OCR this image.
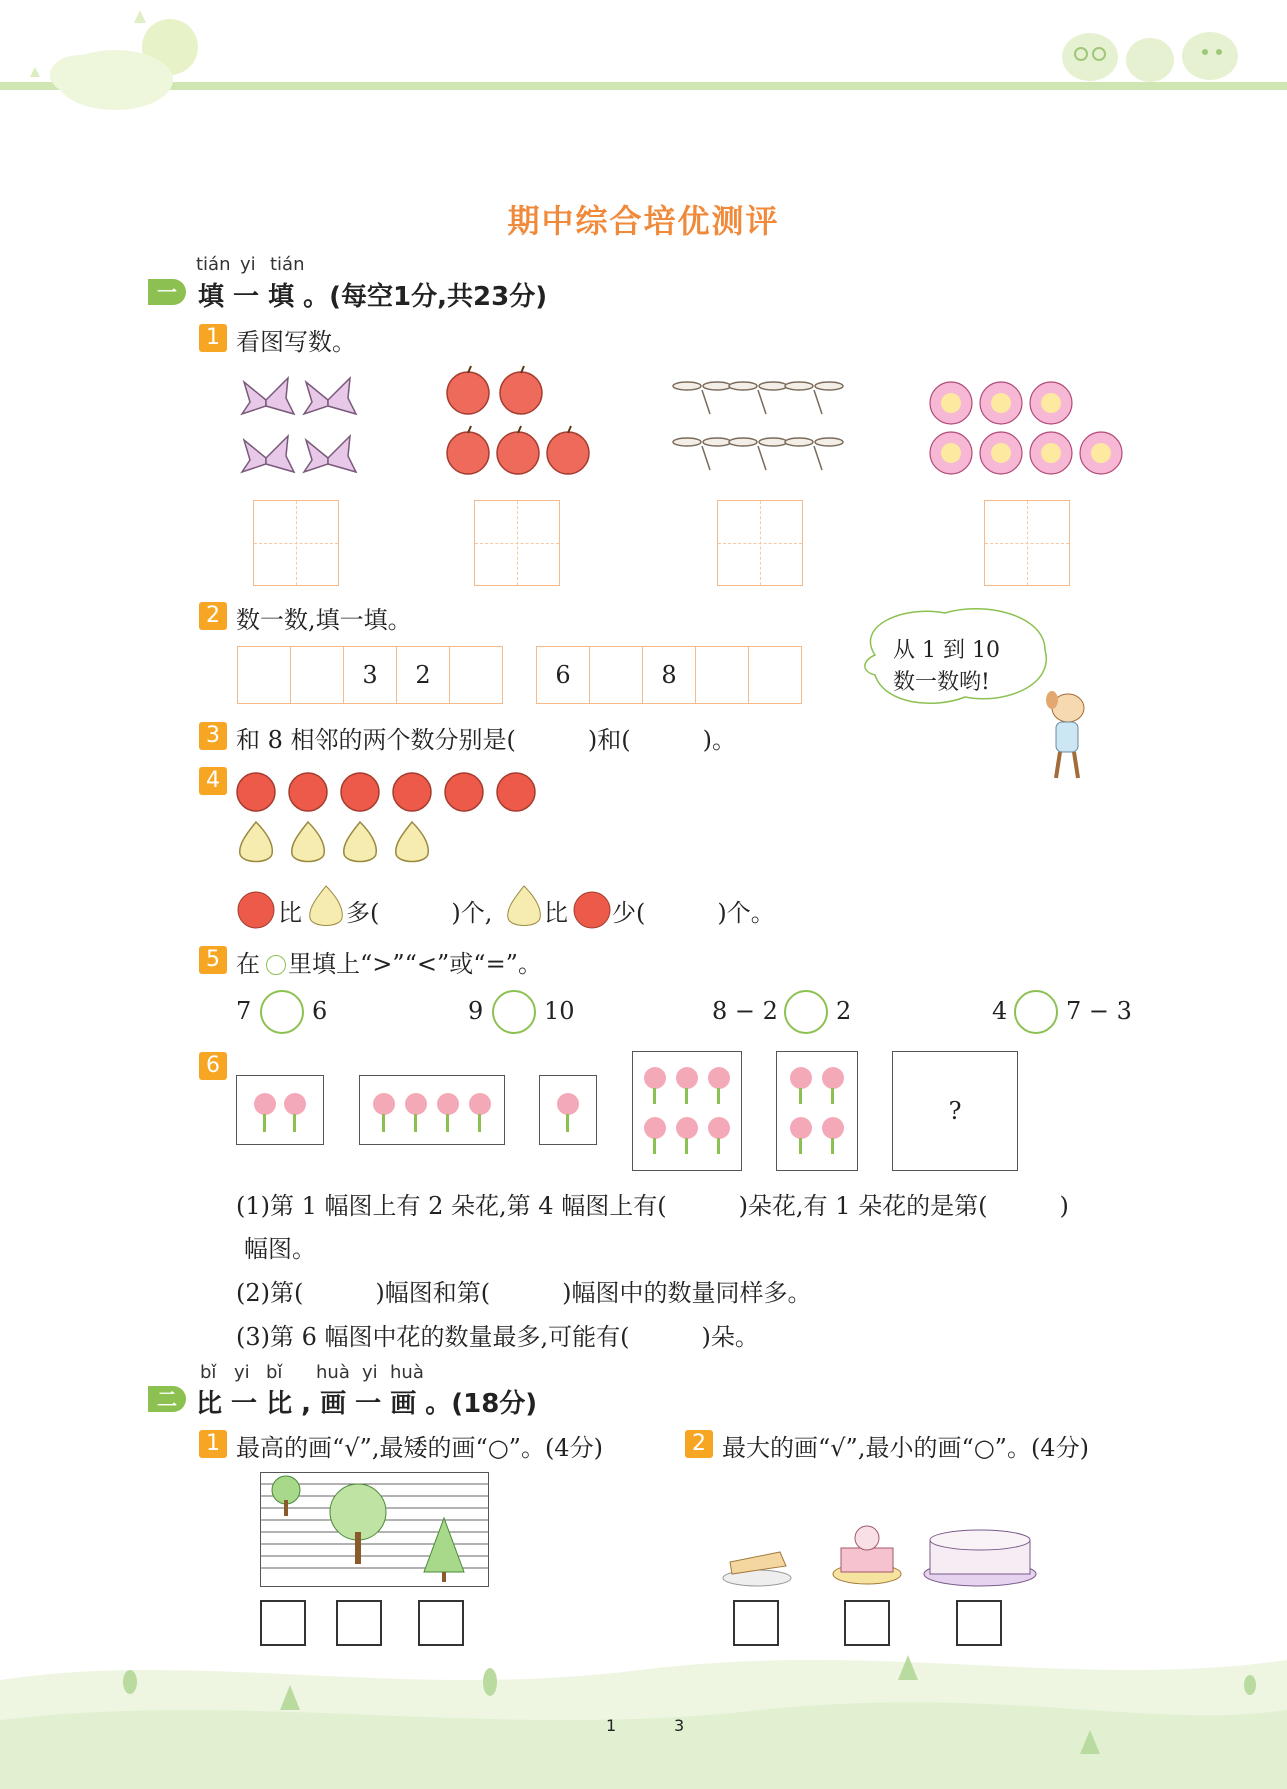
期中综合培优测评
tián yi tián
一 填 一 填 。(每空1分,共23分)
1 看图写数。
2 数一数,填一填。
3	2	6	8
从 1 到 10
数一数哟!
3 和 8 相邻的两个数分别是(　　　)和(　　　)。
4
比 多(　　　)个, 比 少(　　　)个。
5 在 里填上“>”“<”或“=”。
7	6	9	10	8 − 2 2	4 7 − 3
6
?
(1)第 1 幅图上有 2 朵花,第 4 幅图上有(　　　)朵花,有 1 朵花的是第(　　　)
幅图。
(2)第(　　　)幅图和第(　　　)幅图中的数量同样多。
(3)第 6 幅图中花的数量最多,可能有(　　　)朵。
bǐ yi bǐ huà yi huà
二 比 一 比 , 画 一 画 。(18分)
1 最高的画“√”,最矮的画“○”。(4分)	2 最大的画“√”,最小的画“○”。(4分)
1	3
